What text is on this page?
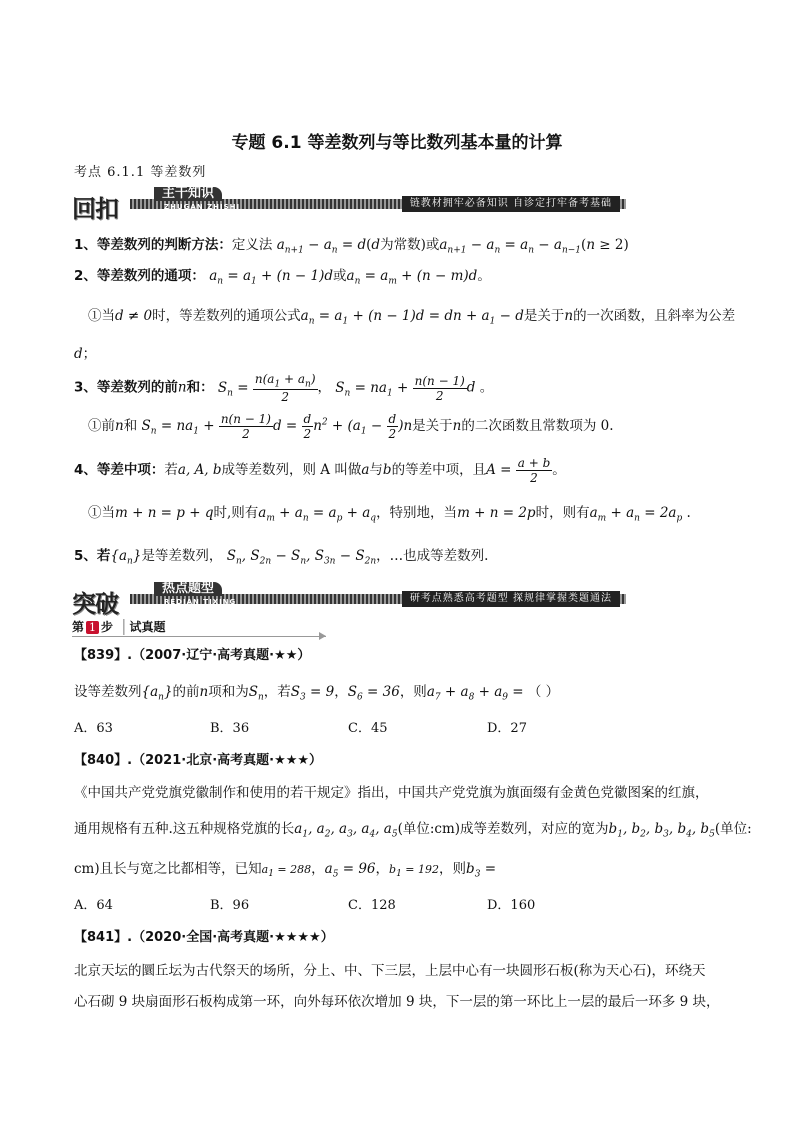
专题 6.1 等差数列与等比数列基本量的计算
考点 6.1.1 等差数列
回扣
主干知识
ZHUGAN ZHISHI	链教材拥牢必备知识 自诊定打牢备考基础
1、等差数列的判断方法：定义法 $a_{n+1} - a_n = d(d$为常数)或$a_{n+1} - a_n = a_n - a_{n-1}(n \ge 2)$
2、等差数列的通项： $a_n = a_1 + (n - 1)d$或$a_n = a_m + (n - m)d$。
①当d ≠ 0时，等差数列的通项公式$a_n = a_1 + (n - 1)d$ = dn + $a_1 - d$是关于n的一次函数，且斜率为公差
d；
3、等差数列的前n和： $S_n = \frac{n(a_1 + a_n)}{2}$ ， $S_n = na_1 + \frac{n(n - 1)}{2}$ d 。
①前n和 $S_n = na_1 + \frac{n(n - 1)}{2}$ $d = \frac{d}{2} n^2 + (a_1 - \frac{d}{2} )n$是关于n的二次函数且常数项为 0.
4、等差中项：若a, A, b成等差数列，则 A 叫做a与b的等差中项，且$A = \frac{a + b}{2}$ 。
①当m + n = p + q时,则有$a_m + a_n = a_p + a_q$，特别地，当m + n = 2p时，则有$a_m + a_n = 2a_p$ .
5、若$\{a_n\}$是等差数列， $S_n$, $S_{2n} - S_n$, $S_{3n} - S_{2n}$，…也成等差数列.
突破
热点题型
REDIAN TIXING	研考点熟悉高考题型 探规律掌握类题通法
第 1 步 | 试真题
【839】.（2007·辽宁·高考真题·★★）
设等差数列$\{a_n\}$的前n项和为$S_n$，若$S_3 = 9$，$S_6 = 36$，则$a_7 + a_8 + a_9$ = （ ）
A．63	B．36	C．45	D．27
【840】.（2021·北京·高考真题·★★★）
《中国共产党党旗党徽制作和使用的若干规定》指出，中国共产党党旗为旗面缀有金黄色党徽图案的红旗，
通用规格有五种.这五种规格党旗的长$a_1$, $a_2$, $a_3$, $a_4$, $a_5$(单位:cm)成等差数列，对应的宽为$b_1$, $b_2$, $b_3$, $b_4$, $b_5$(单位:
cm)且长与宽之比都相等，已知$a_1 = 288$，$a_5 = 96$，$b_1 = 192$，则$b_3$ =
A．64	B．96	C．128	D．160
【841】.（2020·全国·高考真题·★★★★）
北京天坛的圜丘坛为古代祭天的场所，分上、中、下三层，上层中心有一块圆形石板(称为天心石)，环绕天
心石砌 9 块扇面形石板构成第一环，向外每环依次增加 9 块，下一层的第一环比上一层的最后一环多 9 块，
